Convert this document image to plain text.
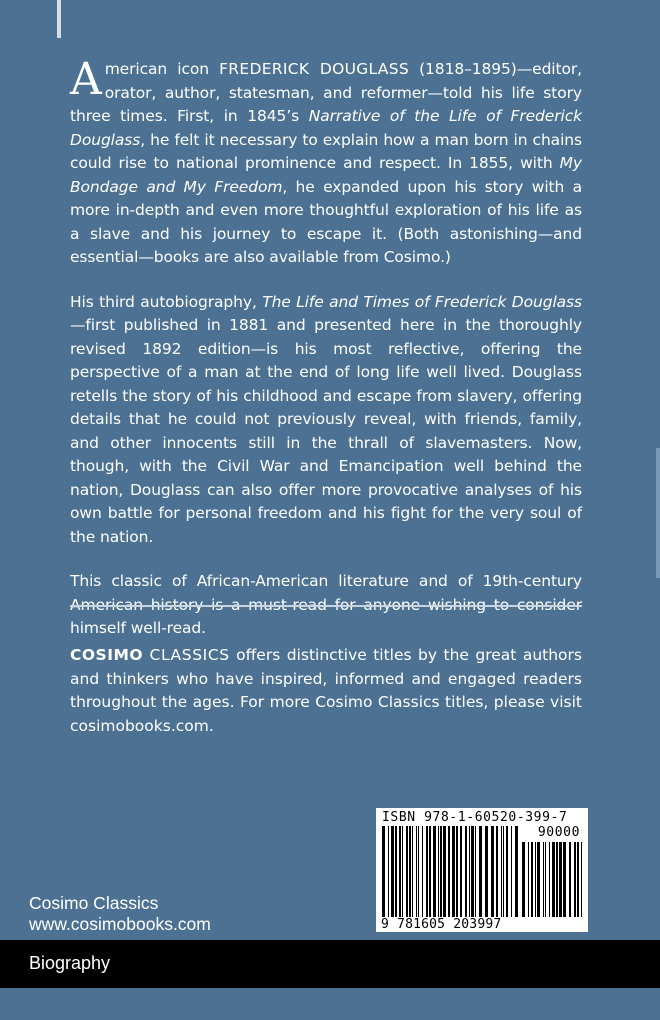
American icon FREDERICK DOUGLASS (1818–1895)—editor, orator, author, statesman, and reformer—told his life story three times. First, in 1845’s Narrative of the Life of Frederick Douglass, he felt it necessary to explain how a man born in chains could rise to national prominence and respect. In 1855, with My Bondage and My Freedom, he expanded upon his story with a more in-depth and even more thoughtful exploration of his life as a slave and his journey to escape it. (Both astonishing—and essential—books are also available from Cosimo.)

His third autobiography, The Life and Times of Frederick Douglass—first published in 1881 and presented here in the thoroughly revised 1892 edition—is his most reflective, offering the perspective of a man at the end of long life well lived. Douglass retells the story of his childhood and escape from slavery, offering details that he could not previously reveal, with friends, family, and other innocents still in the thrall of slavemasters. Now, though, with the Civil War and Emancipation well behind the nation, Douglass can also offer more provocative analyses of his own battle for personal freedom and his fight for the very soul of the nation.

This classic of African-American literature and of 19th-century himself well-read.

COSIMO CLASSICS offers distinctive titles by the great authors and thinkers who have inspired, informed and engaged readers throughout the ages. For more Cosimo Classics titles, please visit cosimobooks.com.

ISBN 978-1-60520-399-7
90000
9 781605 203997
Cosimo Classics
www.cosimobooks.com
Biography
